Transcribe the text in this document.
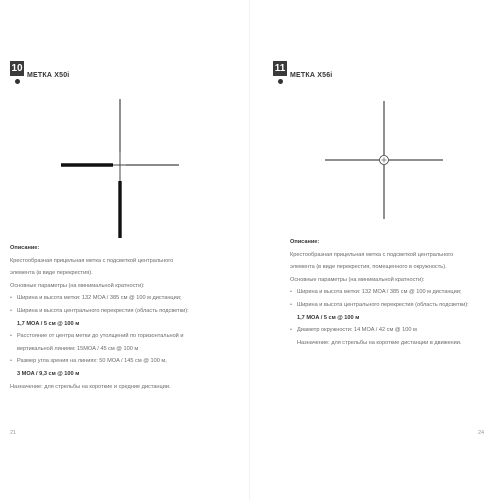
10
МЕТКА X50i
Описание:
Крестообразная прицельная метка с подсветкой центрального
элемента (в виде перекрестия).
Основные параметры (на минимальной кратности):
• Ширина и высота метки: 132 MOA / 385 см @ 100 м дистанции;
• Ширина и высота центрального перекрестия (область подсветки):
1,7 MOA / 5 см @ 100 м
• Расстояние от центра метки до утолщений по горизонтальной и
вертикальной линиям: 15MOA / 45 см @ 100 м
• Размер угла зрения на линиях: 50 MOA / 145 см @ 100 м,
3 MOA / 9,3 см @ 100 м
Назначение: для стрельбы на короткие и средние дистанции.
21
11
МЕТКА X56i
Описание:
Крестообразная прицельная метка с подсветкой центрального
элемента (в виде перекрестия, помещенного в окружность).
Основные параметры (на минимальной кратности):
• Ширина и высота метки: 132 MOA / 385 см @ 100 м дистанции;
• Ширина и высота центрального перекрестия (область подсветки):
1,7 MOA / 5 см @ 100 м
• Диаметр окружности: 14 MOA / 42 см @ 100 м
Назначение: для стрельбы на короткие дистанции в движении.
24
